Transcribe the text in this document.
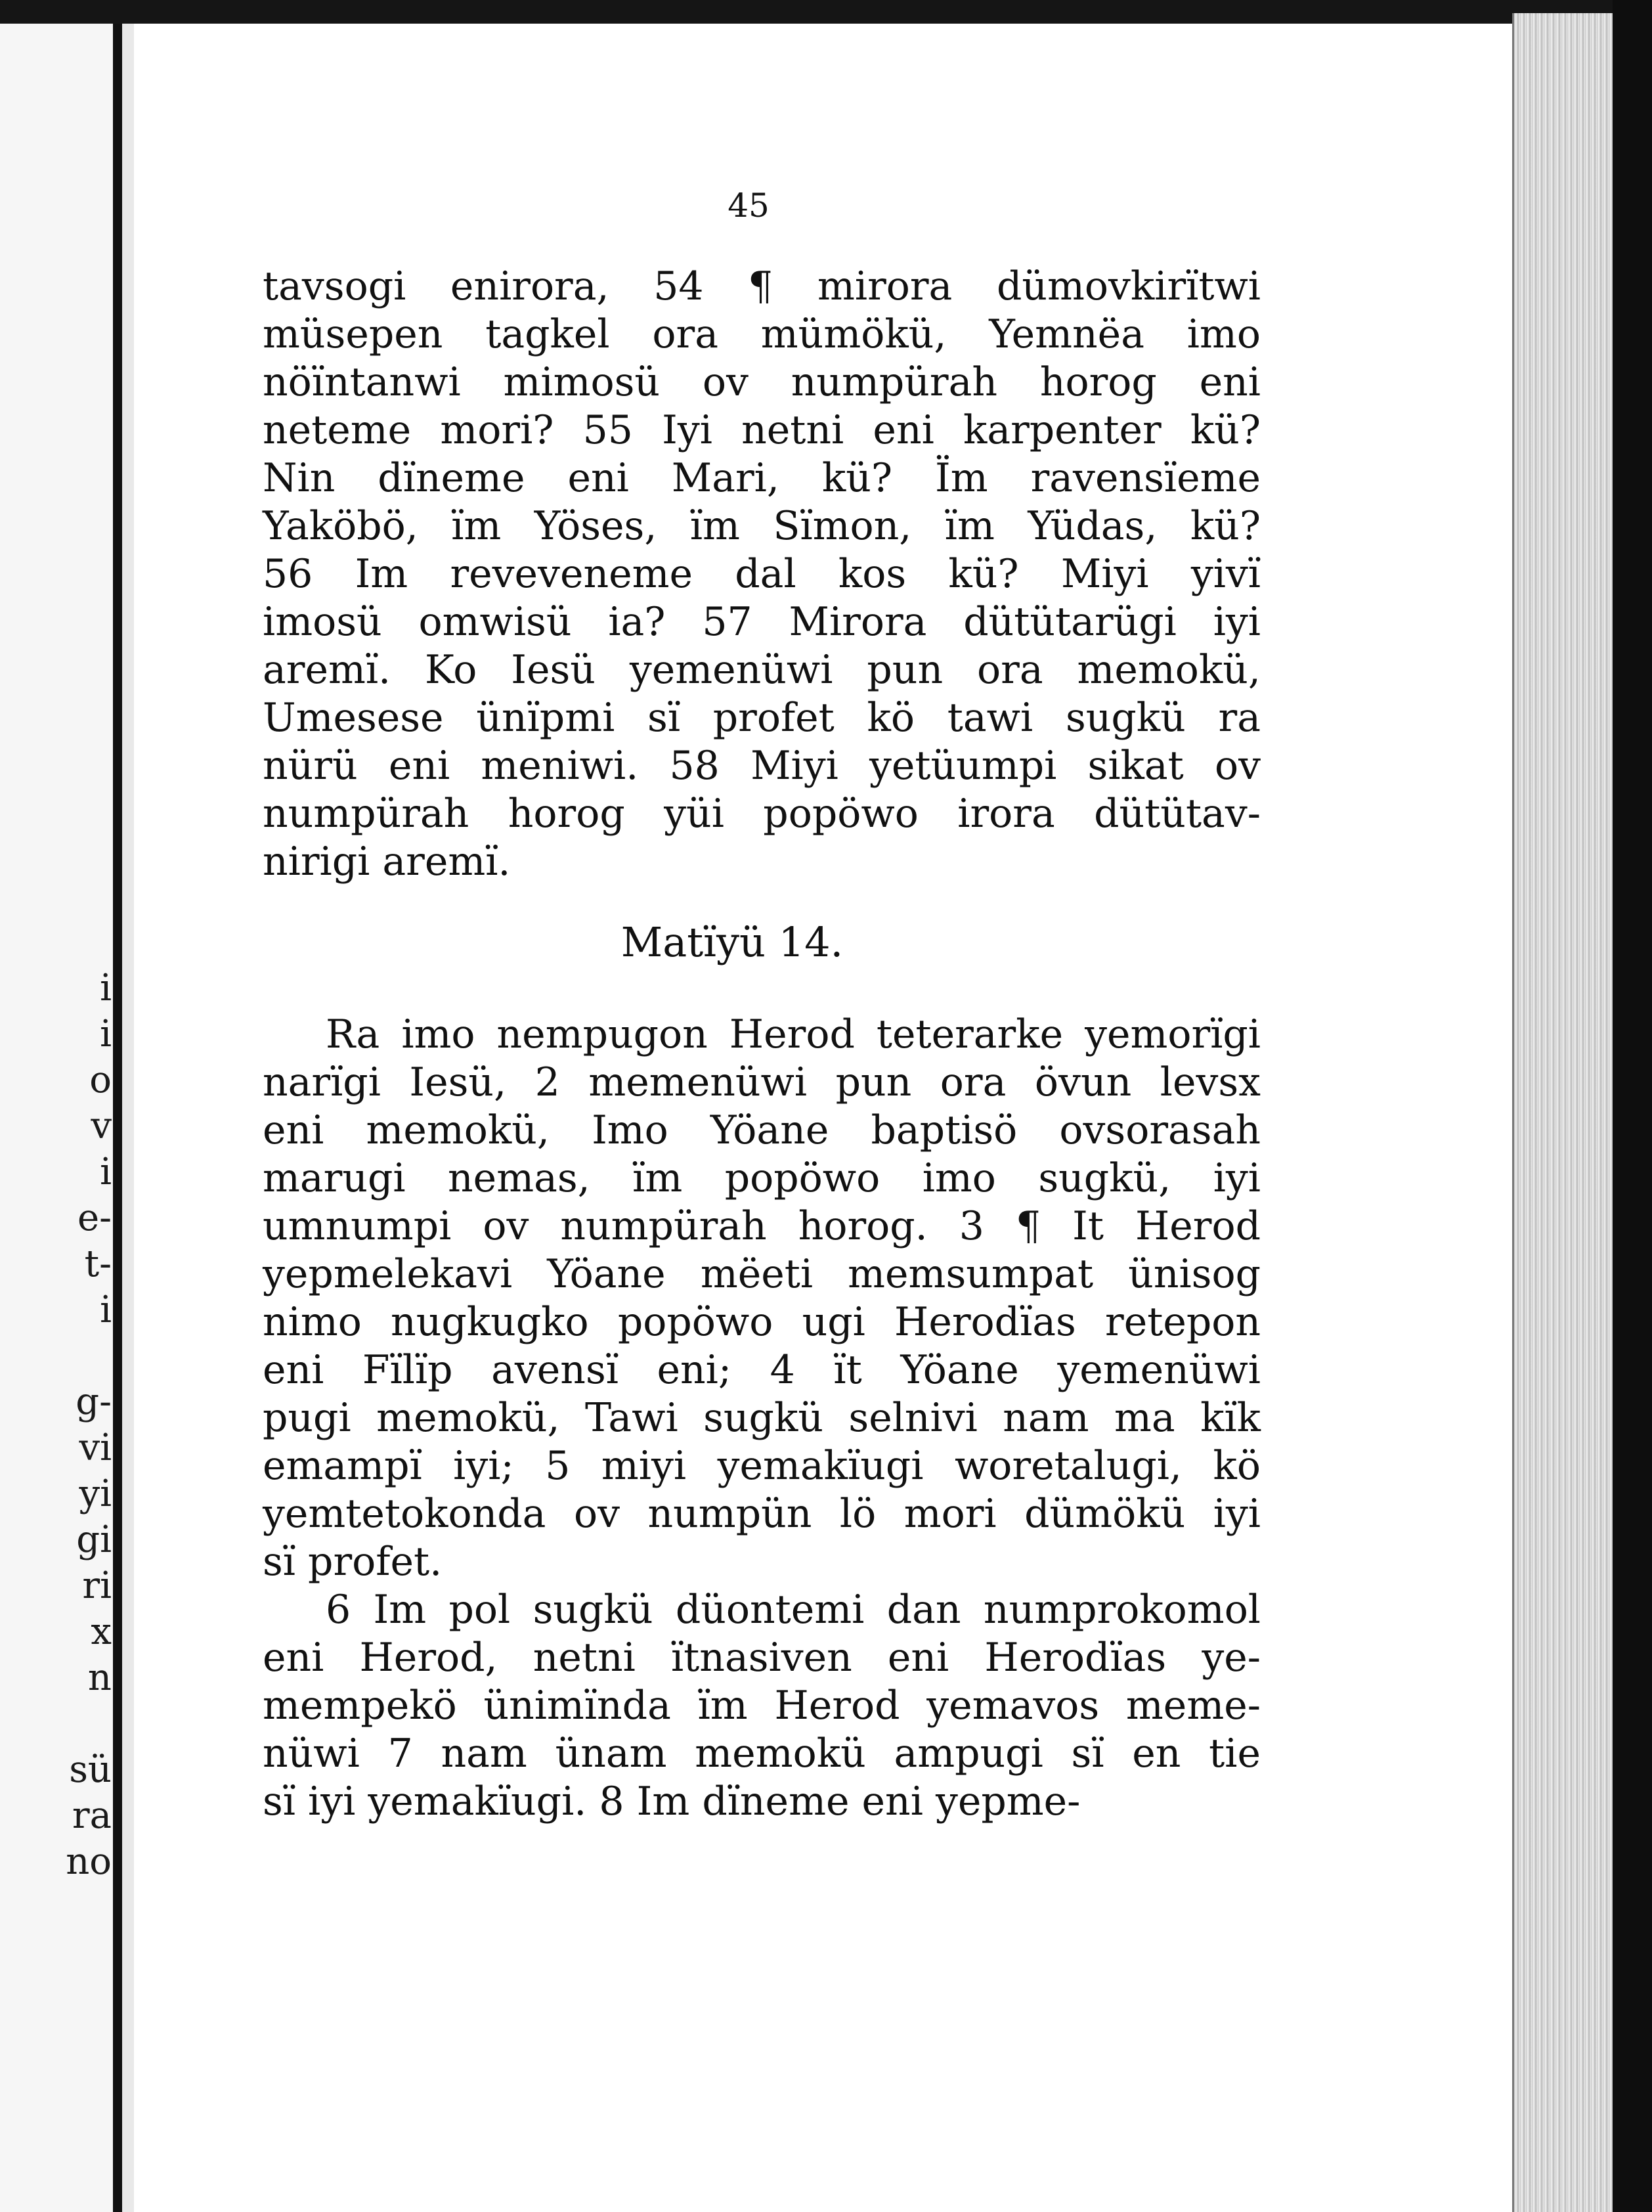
i
i
o
v
i
e-
t-
i
g-
vi
yi
gi
ri
x
n
sü
ra
no
45
tavsogi enirora, 54 ¶ mirora dümovkirïtwi
müsepen tagkel ora mümökü, Yemnëa imo
nöïntanwi mimosü ov numpürah horog eni
neteme mori? 55 Iyi netni eni karpenter kü?
Nin dïneme eni Mari, kü? Ïm ravensïeme
Yaköbö, ïm Yöses, ïm Sïmon, ïm Yüdas, kü?
56 Im reveveneme dal kos kü? Miyi yivï
imosü omwisü ia? 57 Mirora dütütarügi iyi
aremï. Ko Iesü yemenüwi pun ora memokü,
Umesese ünïpmi sï profet kö tawi sugkü ra
nürü eni meniwi. 58 Miyi yetüumpi sikat ov
numpürah horog yüi popöwo irora dütütav-
nirigi aremï.
Matïyü 14.
Ra imo nempugon Herod teterarke yemorïgi
narïgi Iesü, 2 memenüwi pun ora övun levsx
eni memokü, Imo Yöane baptisö ovsorasah
marugi nemas, ïm popöwo imo sugkü, iyi
umnumpi ov numpürah horog. 3 ¶ It Herod
yepmelekavi Yöane mëeti memsumpat ünisog
nimo nugkugko popöwo ugi Herodïas retepon
eni Fïlïp avensï eni; 4 ït Yöane yemenüwi
pugi memokü, Tawi sugkü selnivi nam ma kïk
emampï iyi; 5 miyi yemakïugi woretalugi, kö
yemtetokonda ov numpün lö mori dümökü iyi
sï profet.
6 Im pol sugkü düontemi dan numprokomol
eni Herod, netni ïtnasiven eni Herodïas ye-
mempekö ünimïnda ïm Herod yemavos meme-
nüwi 7 nam ünam memokü ampugi sï en tie
sï iyi yemakïugi. 8 Im dïneme eni yepme-
